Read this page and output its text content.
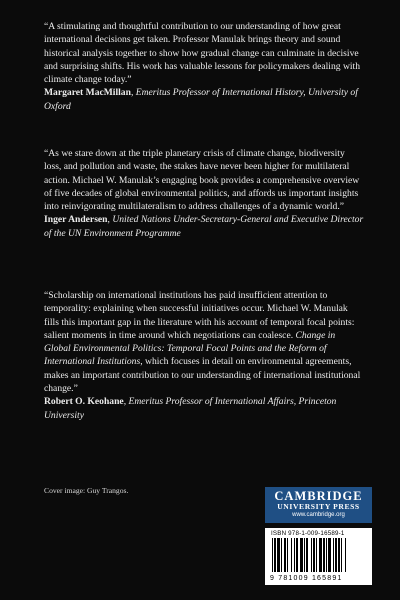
“A stimulating and thoughtful contribution to our understanding of how great international decisions get taken. Professor Manulak brings theory and sound historical analysis together to show how gradual change can culminate in decisive and surprising shifts. His work has valuable lessons for policymakers dealing with climate change today.”

Margaret MacMillan, Emeritus Professor of International History, University of Oxford

“As we stare down at the triple planetary crisis of climate change, biodiversity loss, and pollution and waste, the stakes have never been higher for multilateral action. Michael W. Manulak’s engaging book provides a comprehensive overview of five decades of global environmental politics, and affords us important insights into reinvigorating multilateralism to address challenges of a dynamic world.”

Inger Andersen, United Nations Under-Secretary-General and Executive Director of the UN Environment Programme

“Scholarship on international institutions has paid insufficient attention to temporality: explaining when successful initiatives occur. Michael W. Manulak fills this important gap in the literature with his account of temporal focal points: salient moments in time around which negotiations can coalesce. Change in Global Environmental Politics: Temporal Focal Points and the Reform of International Institutions, which focuses in detail on environmental agreements, makes an important contribution to our understanding of international institutional change.”

Robert O. Keohane, Emeritus Professor of International Affairs, Princeton University

Cover image: Guy Trangos.	CAMBRIDGE
UNIVERSITY PRESS
www.cambridge.org
ISBN 978-1-009-16589-1
9 781009 165891
